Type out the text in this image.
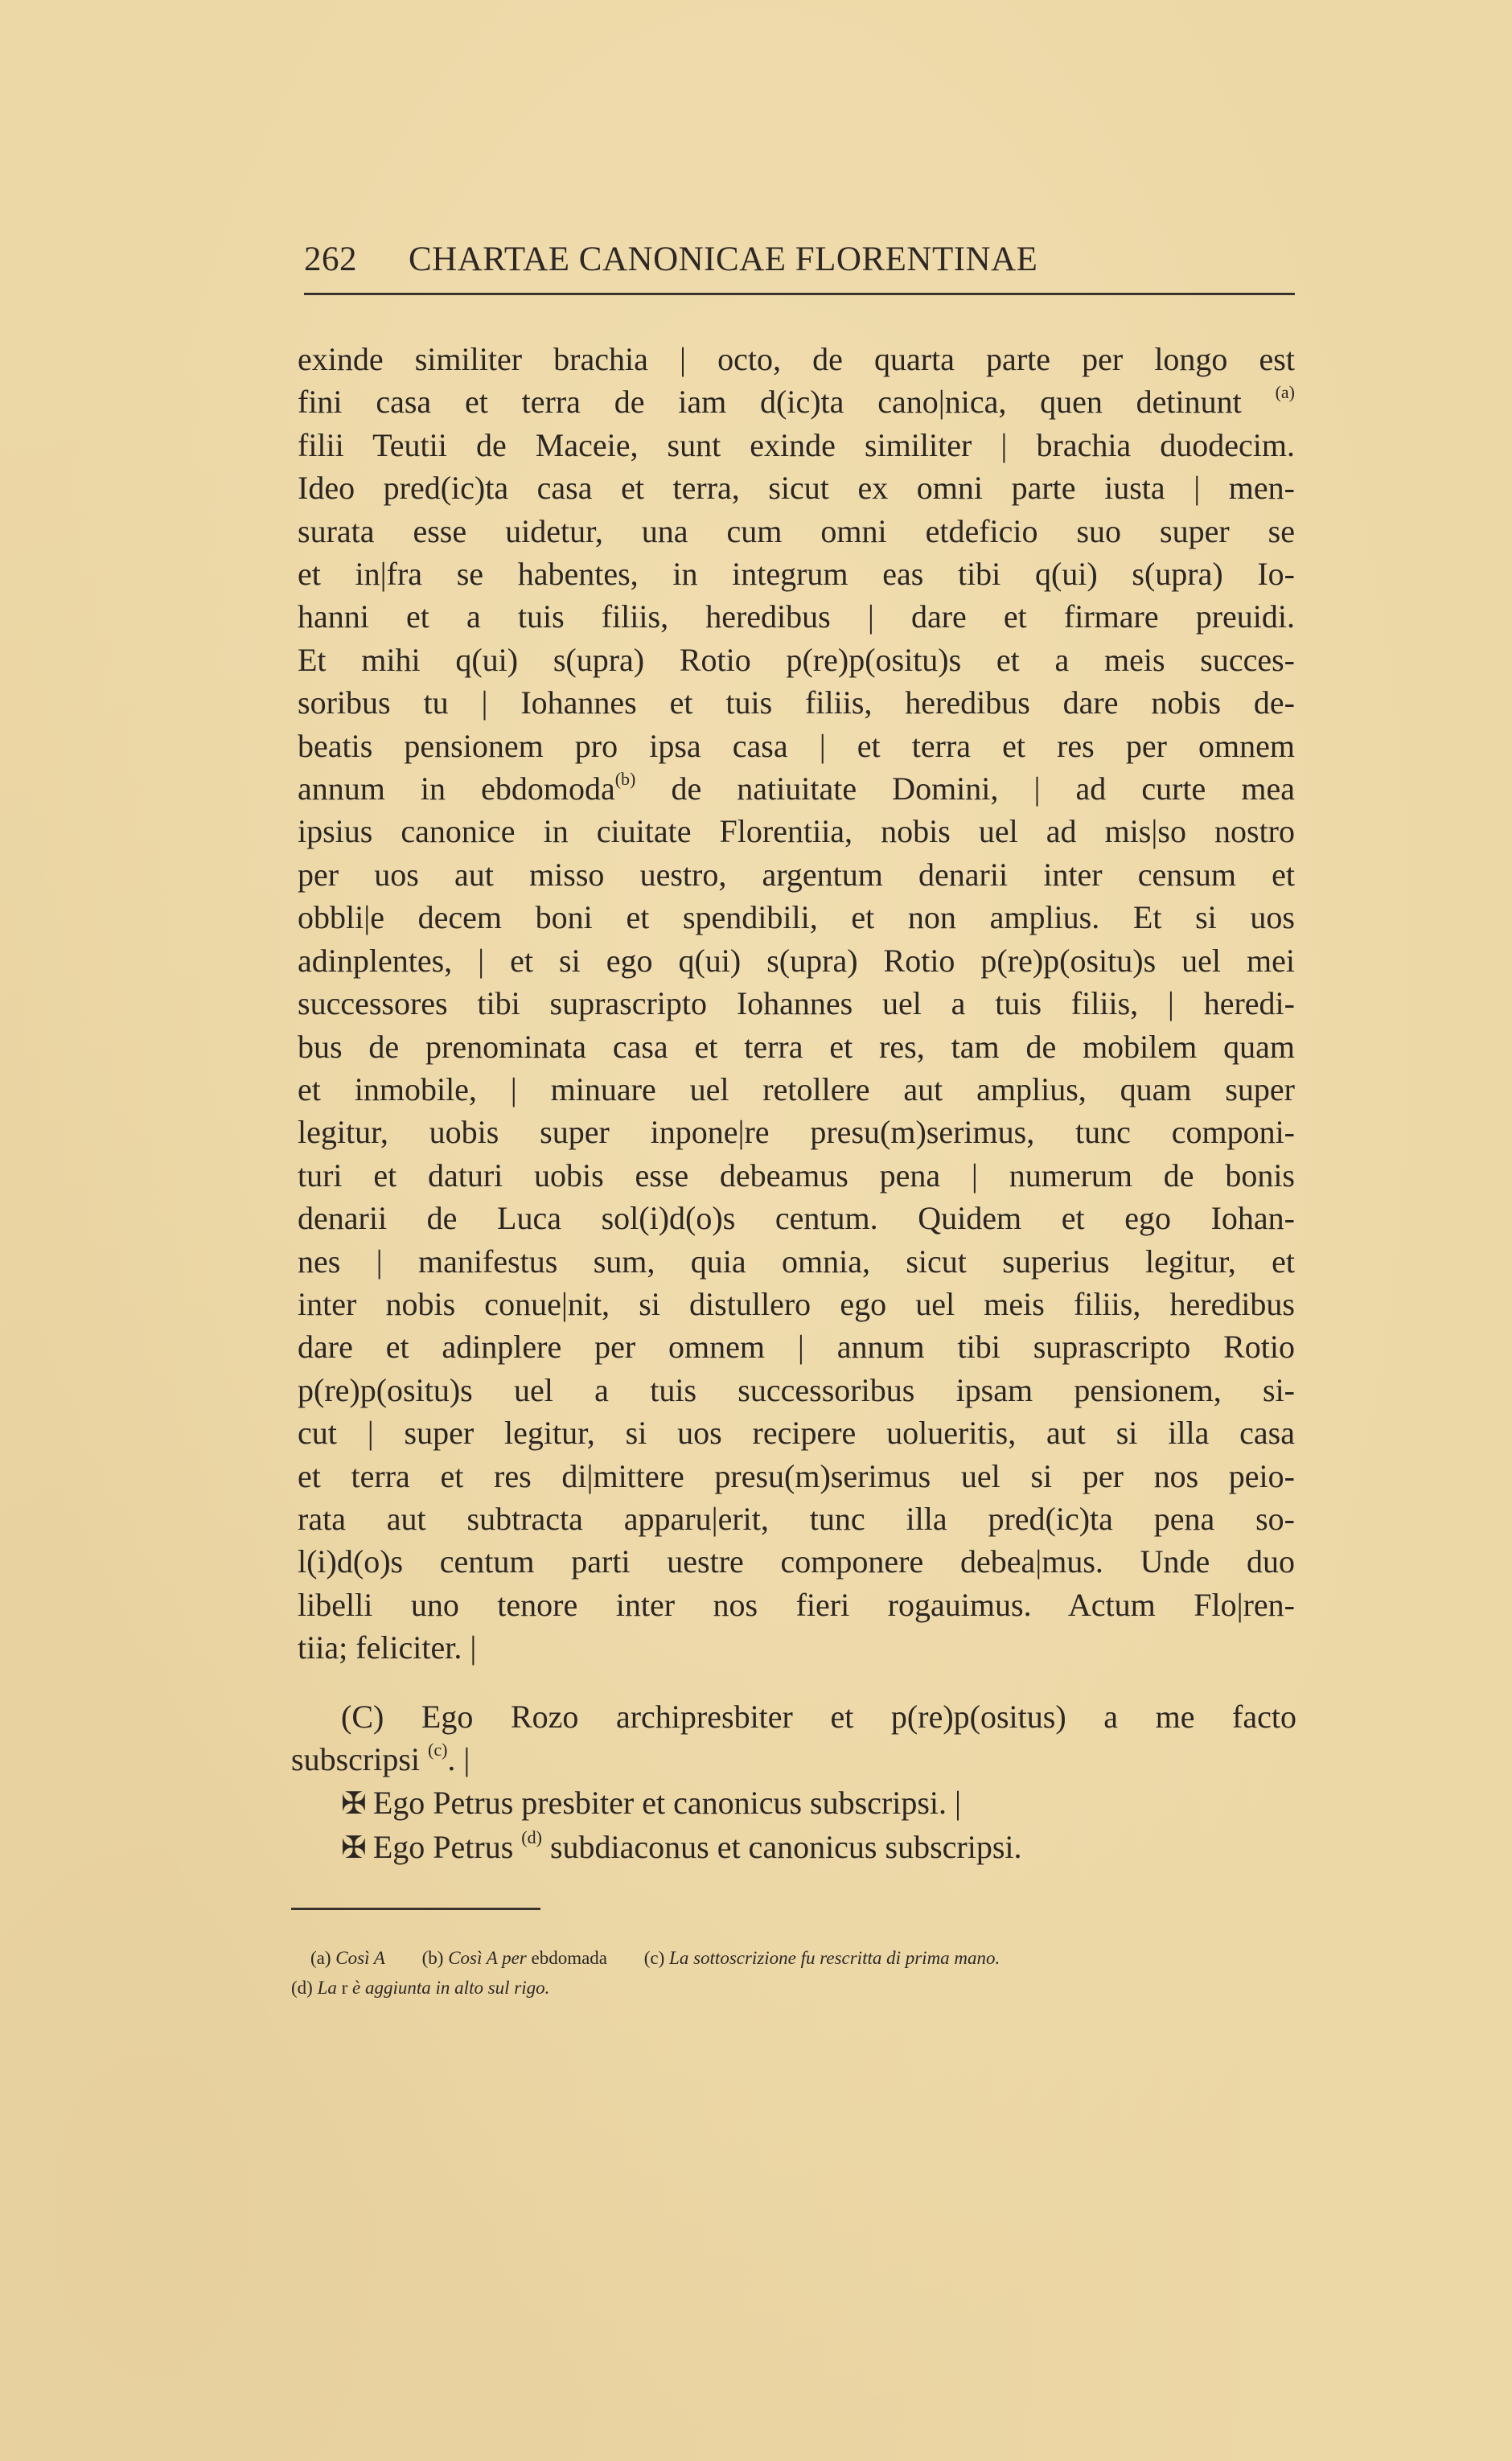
262 CHARTAE CANONICAE FLORENTINAE
exinde similiter brachia | octo, de quarta parte per longo est
fini casa et terra de iam d(ic)ta cano|nica, quen detinunt $^{(a)}$
filii Teutii de Maceie, sunt exinde similiter | brachia duodecim.
Ideo pred(ic)ta casa et terra, sicut ex omni parte iusta | men-
surata esse uidetur, una cum omni etdeficio suo super se
et in|fra se habentes, in integrum eas tibi q(ui) s(upra) Io-
hanni et a tuis filiis, heredibus | dare et firmare preuidi.
Et mihi q(ui) s(upra) Rotio p(re)p(ositu)s et a meis succes-
soribus tu | Iohannes et tuis filiis, heredibus dare nobis de-
beatis pensionem pro ipsa casa | et terra et res per omnem
annum in ebdomoda$^{(b)}$ de natiuitate Domini, | ad curte mea
ipsius canonice in ciuitate Florentiia, nobis uel ad mis|so nostro
per uos aut misso uestro, argentum denarii inter censum et
obbli|e decem boni et spendibili, et non amplius. Et si uos
adinplentes, | et si ego q(ui) s(upra) Rotio p(re)p(ositu)s uel mei
successores tibi suprascripto Iohannes uel a tuis filiis, | heredi-
bus de prenominata casa et terra et res, tam de mobilem quam
et inmobile, | minuare uel retollere aut amplius, quam super
legitur, uobis super inpone|re presu(m)serimus, tunc componi-
turi et daturi uobis esse debeamus pena | numerum de bonis
denarii de Luca sol(i)d(o)s centum. Quidem et ego Iohan-
nes | manifestus sum, quia omnia, sicut superius legitur, et
inter nobis conue|nit, si distullero ego uel meis filiis, heredibus
dare et adinplere per omnem | annum tibi suprascripto Rotio
p(re)p(ositu)s uel a tuis successoribus ipsam pensionem, si-
cut | super legitur, si uos recipere uolueritis, aut si illa casa
et terra et res di|mittere presu(m)serimus uel si per nos peio-
rata aut subtracta apparu|erit, tunc illa pred(ic)ta pena so-
l(i)d(o)s centum parti uestre componere debea|mus. Unde duo
libelli uno tenore inter nos fieri rogauimus. Actum Flo|ren-
tiia; feliciter. |
(C) Ego Rozo archipresbiter et p(re)p(ositus) a me facto
subscripsi $^{(c)}$. |
✠ Ego Petrus presbiter et canonicus subscripsi. |
✠ Ego Petrus $^{(d)}$ subdiaconus et canonicus subscripsi.
(a) Così A (b) Così A per ebdomada (c) La sottoscrizione fu rescritta di prima mano.
(d) La r è aggiunta in alto sul rigo.
